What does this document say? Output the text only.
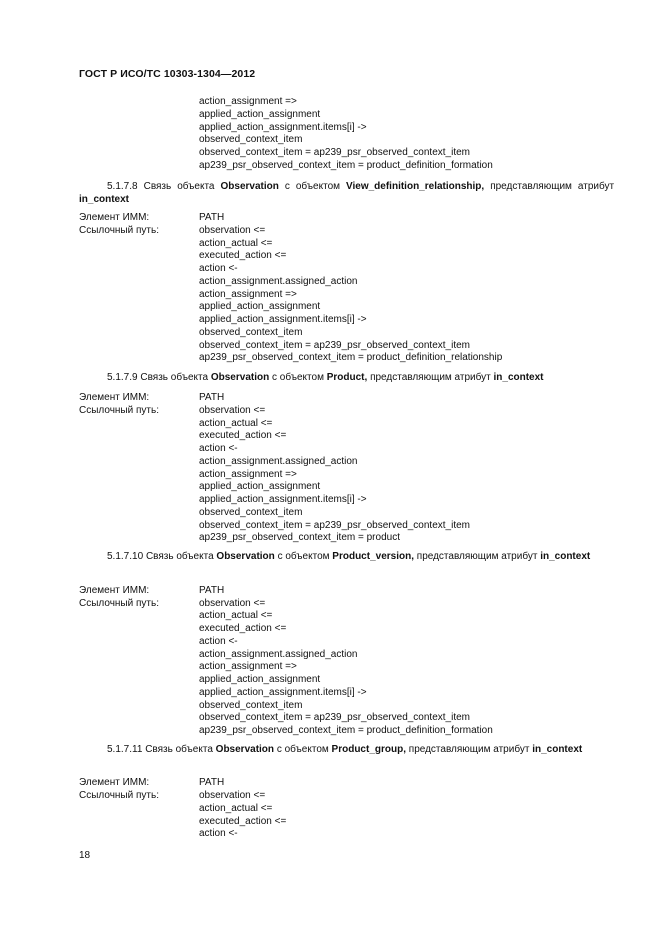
ГОСТ Р ИСО/ТС 10303-1304—2012
action_assignment =>
applied_action_assignment
applied_action_assignment.items[i] ->
observed_context_item
observed_context_item = ap239_psr_observed_context_item
ap239_psr_observed_context_item = product_definition_formation
5.1.7.8 Связь объекта Observation с объектом View_definition_relationship, представляющим атрибут in_context
Элемент ИММ:	PATH
Ссылочный путь:	observation <=
action_actual <=
executed_action <=
action <-
action_assignment.assigned_action
action_assignment =>
applied_action_assignment
applied_action_assignment.items[i] ->
observed_context_item
observed_context_item = ap239_psr_observed_context_item
ap239_psr_observed_context_item = product_definition_relationship
5.1.7.9 Связь объекта Observation с объектом Product, представляющим атрибут in_context
Элемент ИММ:	PATH
Ссылочный путь:	observation <=
action_actual <=
executed_action <=
action <-
action_assignment.assigned_action
action_assignment =>
applied_action_assignment
applied_action_assignment.items[i] ->
observed_context_item
observed_context_item = ap239_psr_observed_context_item
ap239_psr_observed_context_item = product
5.1.7.10 Связь объекта Observation с объектом Product_version, представляющим атрибут in_context
Элемент ИММ:	PATH
Ссылочный путь:	observation <=
action_actual <=
executed_action <=
action <-
action_assignment.assigned_action
action_assignment =>
applied_action_assignment
applied_action_assignment.items[i] ->
observed_context_item
observed_context_item = ap239_psr_observed_context_item
ap239_psr_observed_context_item = product_definition_formation
5.1.7.11 Связь объекта Observation с объектом Product_group, представляющим атрибут in_context
Элемент ИММ:	PATH
Ссылочный путь:	observation <=
action_actual <=
executed_action <=
action <-
18
